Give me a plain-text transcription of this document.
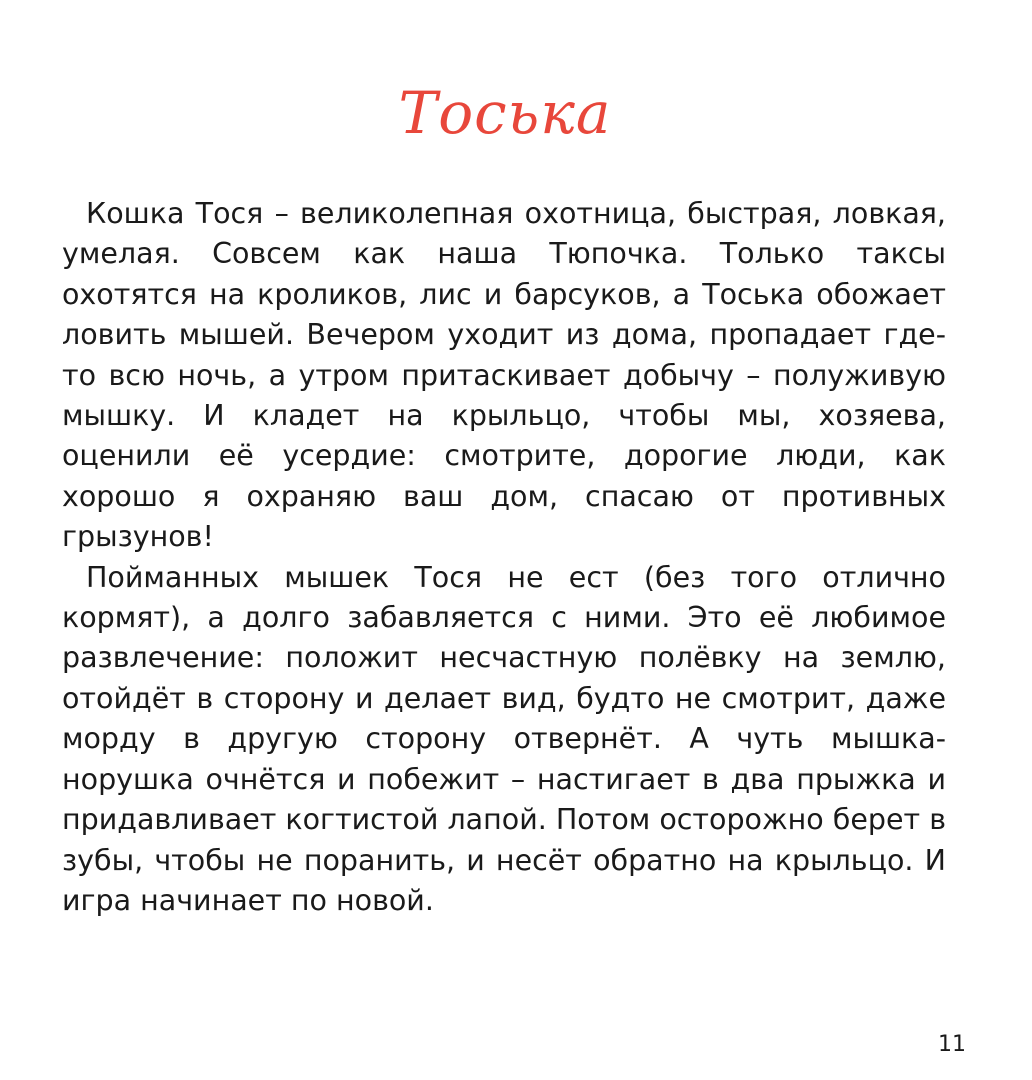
Тоська

Кошка Тося – великолепная охотница, быстрая, ловкая, умелая. Совсем как наша Тюпочка. Только таксы охотятся на кроликов, лис и барсуков, а Тоська обожает ловить мышей. Вечером уходит из дома, пропадает где-то всю ночь, а утром притаскивает добычу – полуживую мышку. И кладет на крыльцо, чтобы мы, хозяева, оценили её усердие: смотрите, дорогие люди, как хорошо я охраняю ваш дом, спасаю от противных грызунов!

Пойманных мышек Тося не ест (без того отлично кормят), а долго забавляется с ними. Это её любимое развлечение: положит несчастную полёвку на землю, отойдёт в сторону и делает вид, будто не смотрит, даже морду в другую сторону отвернёт. А чуть мышка-норушка очнётся и побежит – настигает в два прыжка и придавливает когтистой лапой. Потом осторожно берет в зубы, чтобы не поранить, и несёт обратно на крыльцо. И игра начинает по новой.

11
